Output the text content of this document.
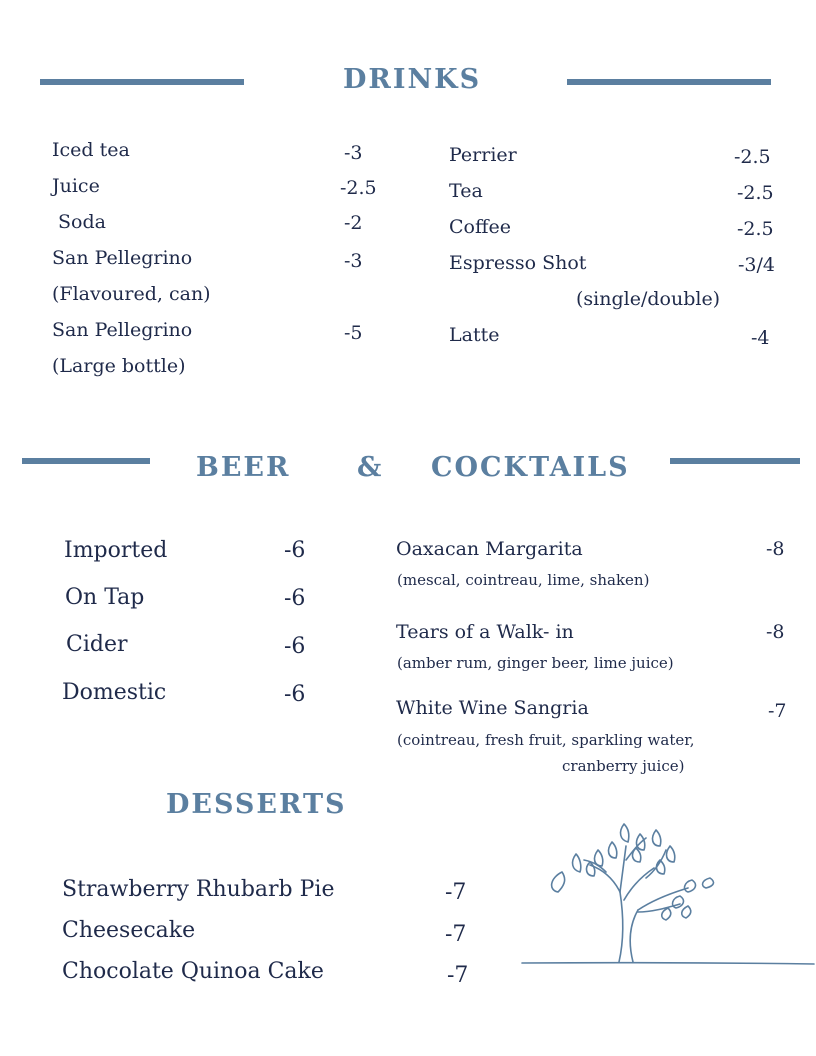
DRINKS
Iced tea	-3
Juice	-2.5
Soda	-2
San Pellegrino	-3
(Flavoured, can)
San Pellegrino	-5
(Large bottle)
Perrier	-2.5
Tea	-2.5
Coffee	-2.5
Espresso Shot	-3/4
(single/double)
Latte	-4
BEER & COCKTAILS
Imported	-6
On Tap	-6
Cider	-6
Domestic	-6
Oaxacan Margarita	-8
(mescal, cointreau, lime, shaken)
Tears of a Walk- in	-8
(amber rum, ginger beer, lime juice)
White Wine Sangria	-7
(cointreau, fresh fruit, sparkling water,
cranberry juice)
DESSERTS
Strawberry Rhubarb Pie	-7
Cheesecake	-7
Chocolate Quinoa Cake	-7
